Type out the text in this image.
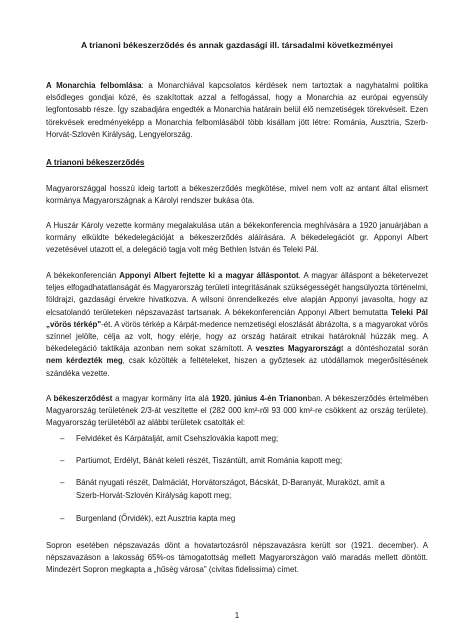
A trianoni békeszerződés és annak gazdasági ill. társadalmi következményei

A Monarchia felbomlása: a Monarchiával kapcsolatos kérdések nem tartoztak a nagyhatalmi politika elsődleges gondjai közé, és szakítottak azzal a felfogással, hogy a Monarchia az európai egyensúly legfontosabb része. Így szabadjára engedték a Monarchia határain belül élő nemzetiségek törekvéseit. Ezen törekvések eredményeképp a Monarchia felbomlásából több kisállam jött létre: Románia, Ausztria, Szerb-Horvát-Szlovén Királyság, Lengyelország.

A trianoni békeszerződés

Magyarországgal hosszú ideig tartott a békeszerződés megkötése, mivel nem volt az antant által elismert kormánya Magyarországnak a Károlyi rendszer bukása óta.

A Huszár Károly vezette kormány megalakulása után a békekonferencia meghívására a 1920 januárjában a kormány elküldte békedelegációját a békeszerződés aláírására. A békedelegációt gr. Apponyi Albert vezetésével utazott el, a delegáció tagja volt még Bethlen István és Teleki Pál.

A békekonferencián Apponyi Albert fejtette ki a magyar álláspontot. A magyar álláspont a béketervezet teljes elfogadhatatlanságát és Magyarország területi integritásának szükségességét hangsúlyozta történelmi, földrajzi, gazdasági érvekre hivatkozva. A wilsoni önrendelkezés elve alapján Apponyi javasolta, hogy az elcsatolandó területeken népszavazást tartsanak. A békekonferencián Apponyi Albert bemutatta Teleki Pál „vörös térkép"-ét. A vörös térkép a Kárpát-medence nemzetiségi eloszlását ábrázolta, s a magyarokat vörös színnel jelölte, célja az volt, hogy elérje, hogy az ország határait etnikai határoknál húzzák meg. A békedelegáció taktikája azonban nem sokat számított. A vesztes Magyarországt a döntéshozatal során nem kérdezték meg, csak közölték a feltételeket, hiszen a győztesek az utódállamok megerősítésének szándéka vezette.

A békeszerződést a magyar kormány írta alá 1920. június 4-én Trianonban. A békeszerződés értelmében Magyarország területének 2/3-át veszítette el (282 000 km²-ről 93 000 km²-re csökkent az ország területe). Magyarország területéből az alábbi területek csatolták el:

– Felvidéket és Kárpátalját, amit Csehszlovákia kapott meg;
– Partiumot, Erdélyt, Bánát keleti részét, Tiszántúlt, amit Románia kapott meg;
– Bánát nyugati részét, Dalmáciát, Horvátországot, Bácskát, D-Baranyát, Muraközt, amit a
Szerb-Horvát-Szlovén Királyság kapott meg;
– Burgenland (Őrvidék), ezt Ausztria kapta meg

Sopron esetében népszavazás dönt a hovatartozásról népszavazásra került sor (1921. december). A népszavazáson a lakosság 65%-os támogatottság mellett Magyarországon való maradás mellett döntött. Mindezért Sopron megkapta a „hűség városa" (civitas fidelissima) címet.

1
